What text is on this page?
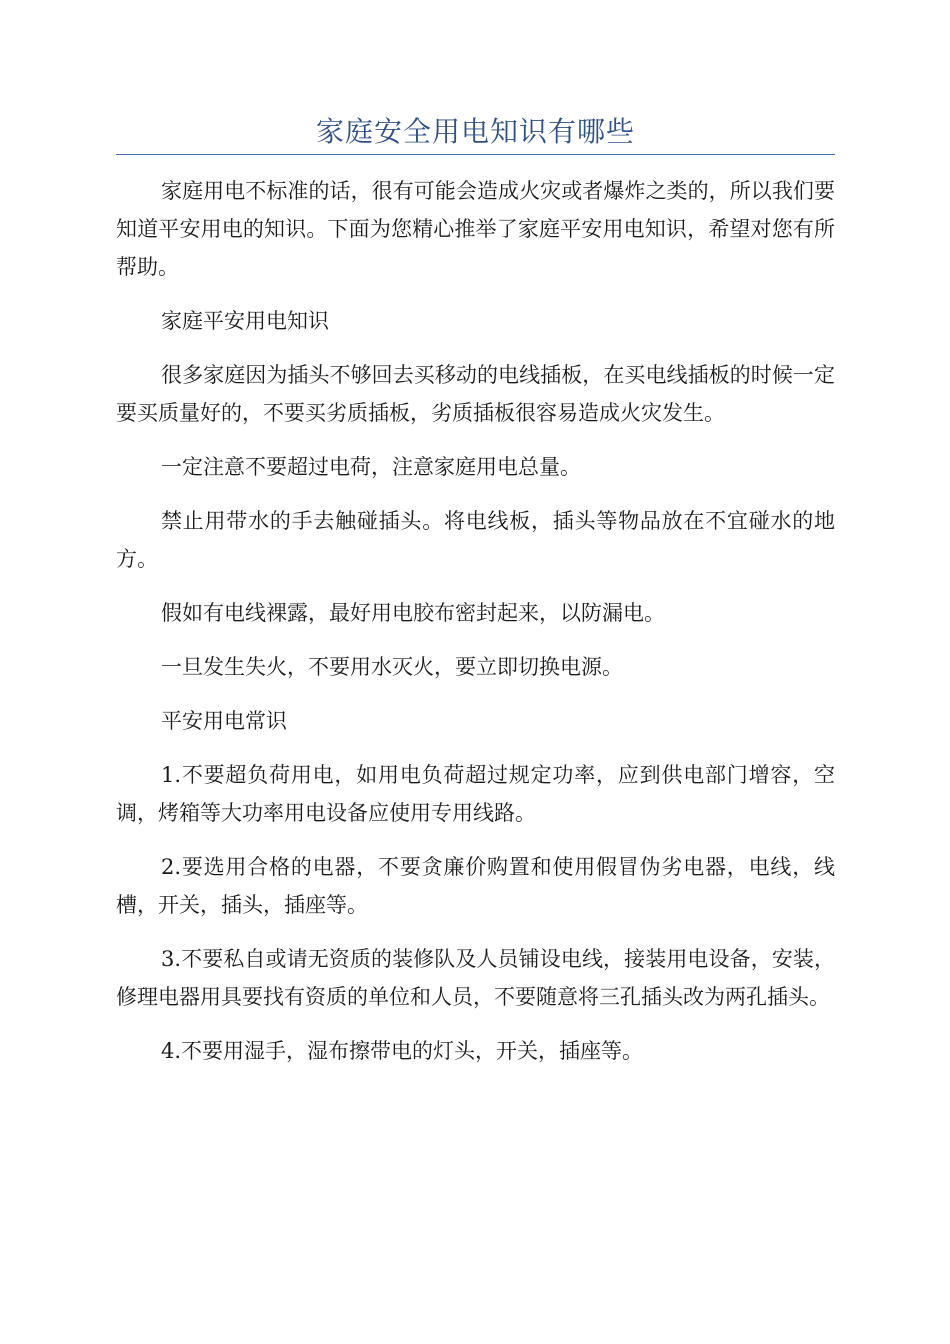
家庭安全用电知识有哪些

家庭用电不标准的话，很有可能会造成火灾或者爆炸之类的，所以我们要知道平安用电的知识。下面为您精心推举了家庭平安用电知识，希望对您有所帮助。

家庭平安用电知识

很多家庭因为插头不够回去买移动的电线插板，在买电线插板的时候一定要买质量好的，不要买劣质插板，劣质插板很容易造成火灾发生。

一定注意不要超过电荷，注意家庭用电总量。

禁止用带水的手去触碰插头。将电线板，插头等物品放在不宜碰水的地方。

假如有电线裸露，最好用电胶布密封起来，以防漏电。

一旦发生失火，不要用水灭火，要立即切换电源。

平安用电常识

1.不要超负荷用电，如用电负荷超过规定功率，应到供电部门增容，空调，烤箱等大功率用电设备应使用专用线路。

2.要选用合格的电器，不要贪廉价购置和使用假冒伪劣电器，电线，线槽，开关，插头，插座等。

3.不要私自或请无资质的装修队及人员铺设电线，接装用电设备，安装，修理电器用具要找有资质的单位和人员，不要随意将三孔插头改为两孔插头。

4.不要用湿手，湿布擦带电的灯头，开关，插座等。
